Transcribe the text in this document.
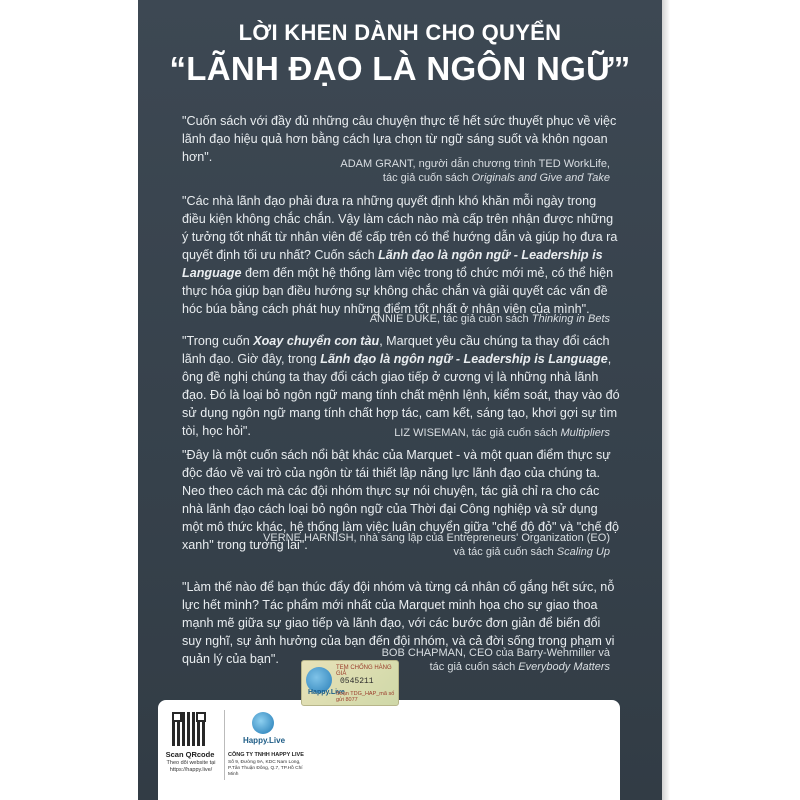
LỜI KHEN DÀNH CHO QUYỂN
“LÃNH ĐẠO LÀ NGÔN NGỮ”
"Cuốn sách với đầy đủ những câu chuyện thực tế hết sức thuyết phục về việc lãnh đạo hiệu quả hơn bằng cách lựa chọn từ ngữ sáng suốt và khôn ngoan hơn".	ADAM GRANT, người dẫn chương trình TED WorkLife,
tác giả cuốn sách Originals and Give and Take
"Các nhà lãnh đạo phải đưa ra những quyết định khó khăn mỗi ngày trong điều kiện không chắc chắn. Vậy làm cách nào mà cấp trên nhận được những ý tưởng tốt nhất từ nhân viên để cấp trên có thể hướng dẫn và giúp họ đưa ra quyết định tối ưu nhất? Cuốn sách Lãnh đạo là ngôn ngữ - Leadership is Language đem đến một hệ thống làm việc trong tổ chức mới mẻ, có thể hiện thực hóa giúp bạn điều hướng sự không chắc chắn và giải quyết các vấn đề hóc búa bằng cách phát huy những điểm tốt nhất ở nhân viên của mình".
ANNIE DUKE, tác giả cuốn sách Thinking in Bets
"Trong cuốn Xoay chuyển con tàu, Marquet yêu cầu chúng ta thay đổi cách lãnh đạo. Giờ đây, trong Lãnh đạo là ngôn ngữ - Leadership is Language, ông đề nghị chúng ta thay đổi cách giao tiếp ở cương vị là những nhà lãnh đạo. Đó là loại bỏ ngôn ngữ mang tính chất mệnh lệnh, kiểm soát, thay vào đó sử dụng ngôn ngữ mang tính chất hợp tác, cam kết, sáng tạo, khơi gợi sự tìm tòi, học hỏi".	LIZ WISEMAN, tác giả cuốn sách Multipliers
"Đây là một cuốn sách nổi bật khác của Marquet - và một quan điểm thực sự độc đáo về vai trò của ngôn từ tái thiết lập năng lực lãnh đạo của chúng ta. Neo theo cách mà các đội nhóm thực sự nói chuyện, tác giả chỉ ra cho các nhà lãnh đạo cách loại bỏ ngôn ngữ của Thời đại Công nghiệp và sử dụng một mô thức khác, hệ thống làm việc luân chuyển giữa "chế độ đỏ" và "chế độ xanh" trong tương lai".
VERNE HARNISH, nhà sáng lập của Entrepreneurs' Organization (EO)
và tác giả cuốn sách Scaling Up
"Làm thế nào để bạn thúc đẩy đội nhóm và từng cá nhân cố gắng hết sức, nỗ lực hết mình? Tác phẩm mới nhất của Marquet minh họa cho sự giao thoa mạnh mẽ giữa sự giao tiếp và lãnh đạo, với các bước đơn giản để biến đổi suy nghĩ, sự ảnh hưởng của bạn đến đội nhóm, và cả đời sống trong phạm vi quản lý của bạn".	BOB CHAPMAN, CEO của Barry-Wehmiller và
tác giả cuốn sách Everybody Matters
Happy.Live
TEM CHỐNG HÀNG GIẢ
0545211
Soạn TDG_HAP_mã số gửi 8077
Scan QRcode
Theo dõi website tại https://happy.live/
Happy.Live
CÔNG TY TNHH HAPPY LIVE
Số 9, Đường 9A, KDC Nam Long, P.Tân Thuận Đông, Q.7, TP.Hồ Chí Minh
